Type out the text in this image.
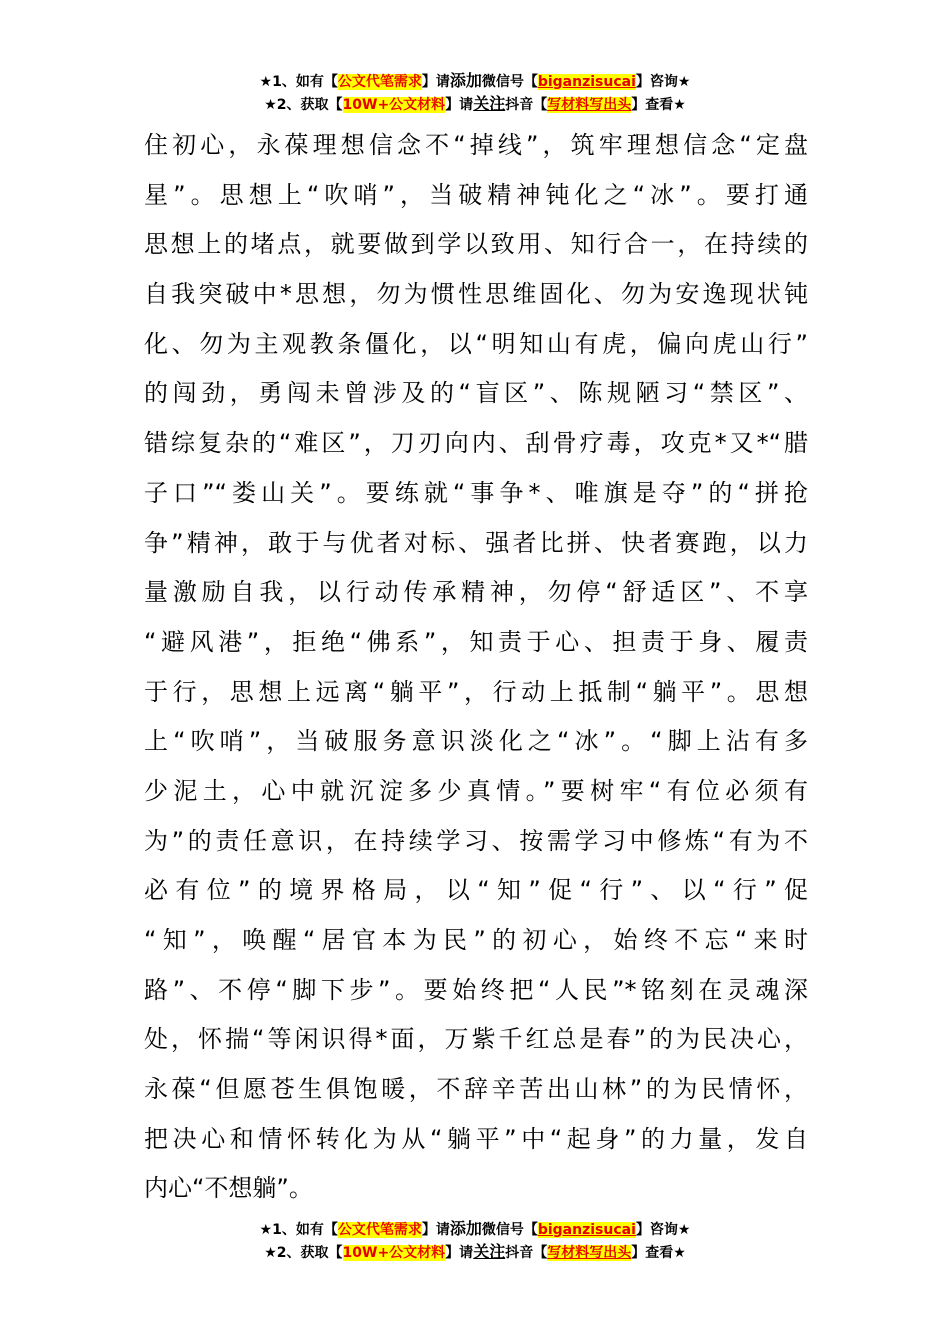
★1、如有【公文代笔需求】请添加微信号【biganzisucai】咨询★
★2、获取【10W+公文材料】请关注抖音【写材料写出头】查看★
住初心，永葆理想信念不“掉线”，筑牢理想信念“定盘
星”。思想上“吹哨”，当破精神钝化之“冰”。要打通
思想上的堵点，就要做到学以致用、知行合一，在持续的
自我突破中*思想，勿为惯性思维固化、勿为安逸现状钝
化、勿为主观教条僵化，以“明知山有虎，偏向虎山行”
的闯劲，勇闯未曾涉及的“盲区”、陈规陋习“禁区”、
错综复杂的“难区”，刀刃向内、刮骨疗毒，攻克*又*“腊
子口”“娄山关”。要练就“事争*、唯旗是夺”的“拼抢
争”精神，敢于与优者对标、强者比拼、快者赛跑，以力
量激励自我，以行动传承精神，勿停“舒适区”、不享
“避风港”，拒绝“佛系”，知责于心、担责于身、履责
于行，思想上远离“躺平”，行动上抵制“躺平”。思想
上“吹哨”，当破服务意识淡化之“冰”。“脚上沾有多
少泥土，心中就沉淀多少真情。”要树牢“有位必须有
为”的责任意识，在持续学习、按需学习中修炼“有为不
必有位”的境界格局，以“知”促“行”、以“行”促
“知”，唤醒“居官本为民”的初心，始终不忘“来时
路”、不停“脚下步”。要始终把“人民”*铭刻在灵魂深
处，怀揣“等闲识得*面，万紫千红总是春”的为民决心，
永葆“但愿苍生俱饱暖，不辞辛苦出山林”的为民情怀，
把决心和情怀转化为从“躺平”中“起身”的力量，发自
内心“不想躺”。
★1、如有【公文代笔需求】请添加微信号【biganzisucai】咨询★
★2、获取【10W+公文材料】请关注抖音【写材料写出头】查看★
